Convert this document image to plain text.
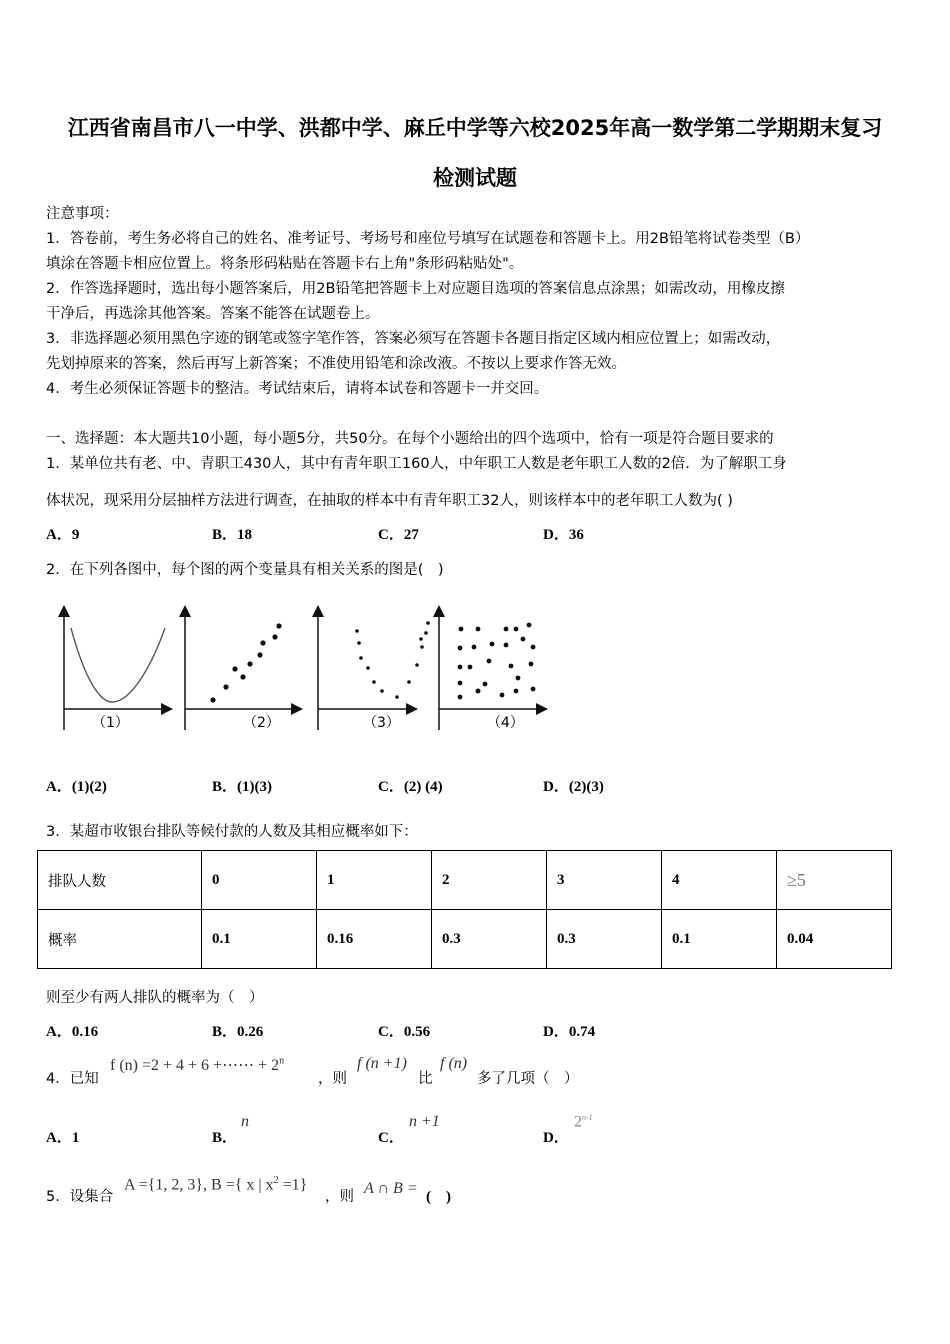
江西省南昌市八一中学、洪都中学、麻丘中学等六校2025年高一数学第二学期期末复习
检测试题
注意事项：
1．答卷前，考生务必将自己的姓名、准考证号、考场号和座位号填写在试题卷和答题卡上。用2B铅笔将试卷类型（B）
填涂在答题卡相应位置上。将条形码粘贴在答题卡右上角"条形码粘贴处"。
2．作答选择题时，选出每小题答案后，用2B铅笔把答题卡上对应题目选项的答案信息点涂黑；如需改动，用橡皮擦
干净后，再选涂其他答案。答案不能答在试题卷上。
3．非选择题必须用黑色字迹的钢笔或签字笔作答，答案必须写在答题卡各题目指定区域内相应位置上；如需改动，
先划掉原来的答案，然后再写上新答案；不准使用铅笔和涂改液。不按以上要求作答无效。
4．考生必须保证答题卡的整洁。考试结束后，请将本试卷和答题卡一并交回。
一、选择题：本大题共10小题，每小题5分，共50分。在每个小题给出的四个选项中，恰有一项是符合题目要求的
1．某单位共有老、中、青职工430人，其中有青年职工160人，中年职工人数是老年职工人数的2倍．为了解职工身
体状况，现采用分层抽样方法进行调查，在抽取的样本中有青年职工32人，则该样本中的老年职工人数为( )
A．9	B．18	C．27	D．36
2．在下列各图中，每个图的两个变量具有相关关系的图是(　)
（1）	（2）	（3）	（4）
A．(1)(2)	B．(1)(3)	C．(2) (4)	D．(2)(3)
3．某超市收银台排队等候付款的人数及其相应概率如下：
排队人数	0	1	2	3	4	≥5
概率	0.1	0.16	0.3	0.3	0.1	0.04
则至少有两人排队的概率为（　）
A．0.16	B．0.26	C．0.56	D．0.74
4．已知
f (n) =2 + 4 + 6 +⋯⋯ + $2^n$
，则
f (n +1)
比
f (n)
多了几项（　）
A．1	B．
n
C．
n +1
D．
2$^{n-1}$
5．设集合
A ={1, 2, 3}, B ={ x | $x^2 =1$}
，则 A ∩ B = (　)
